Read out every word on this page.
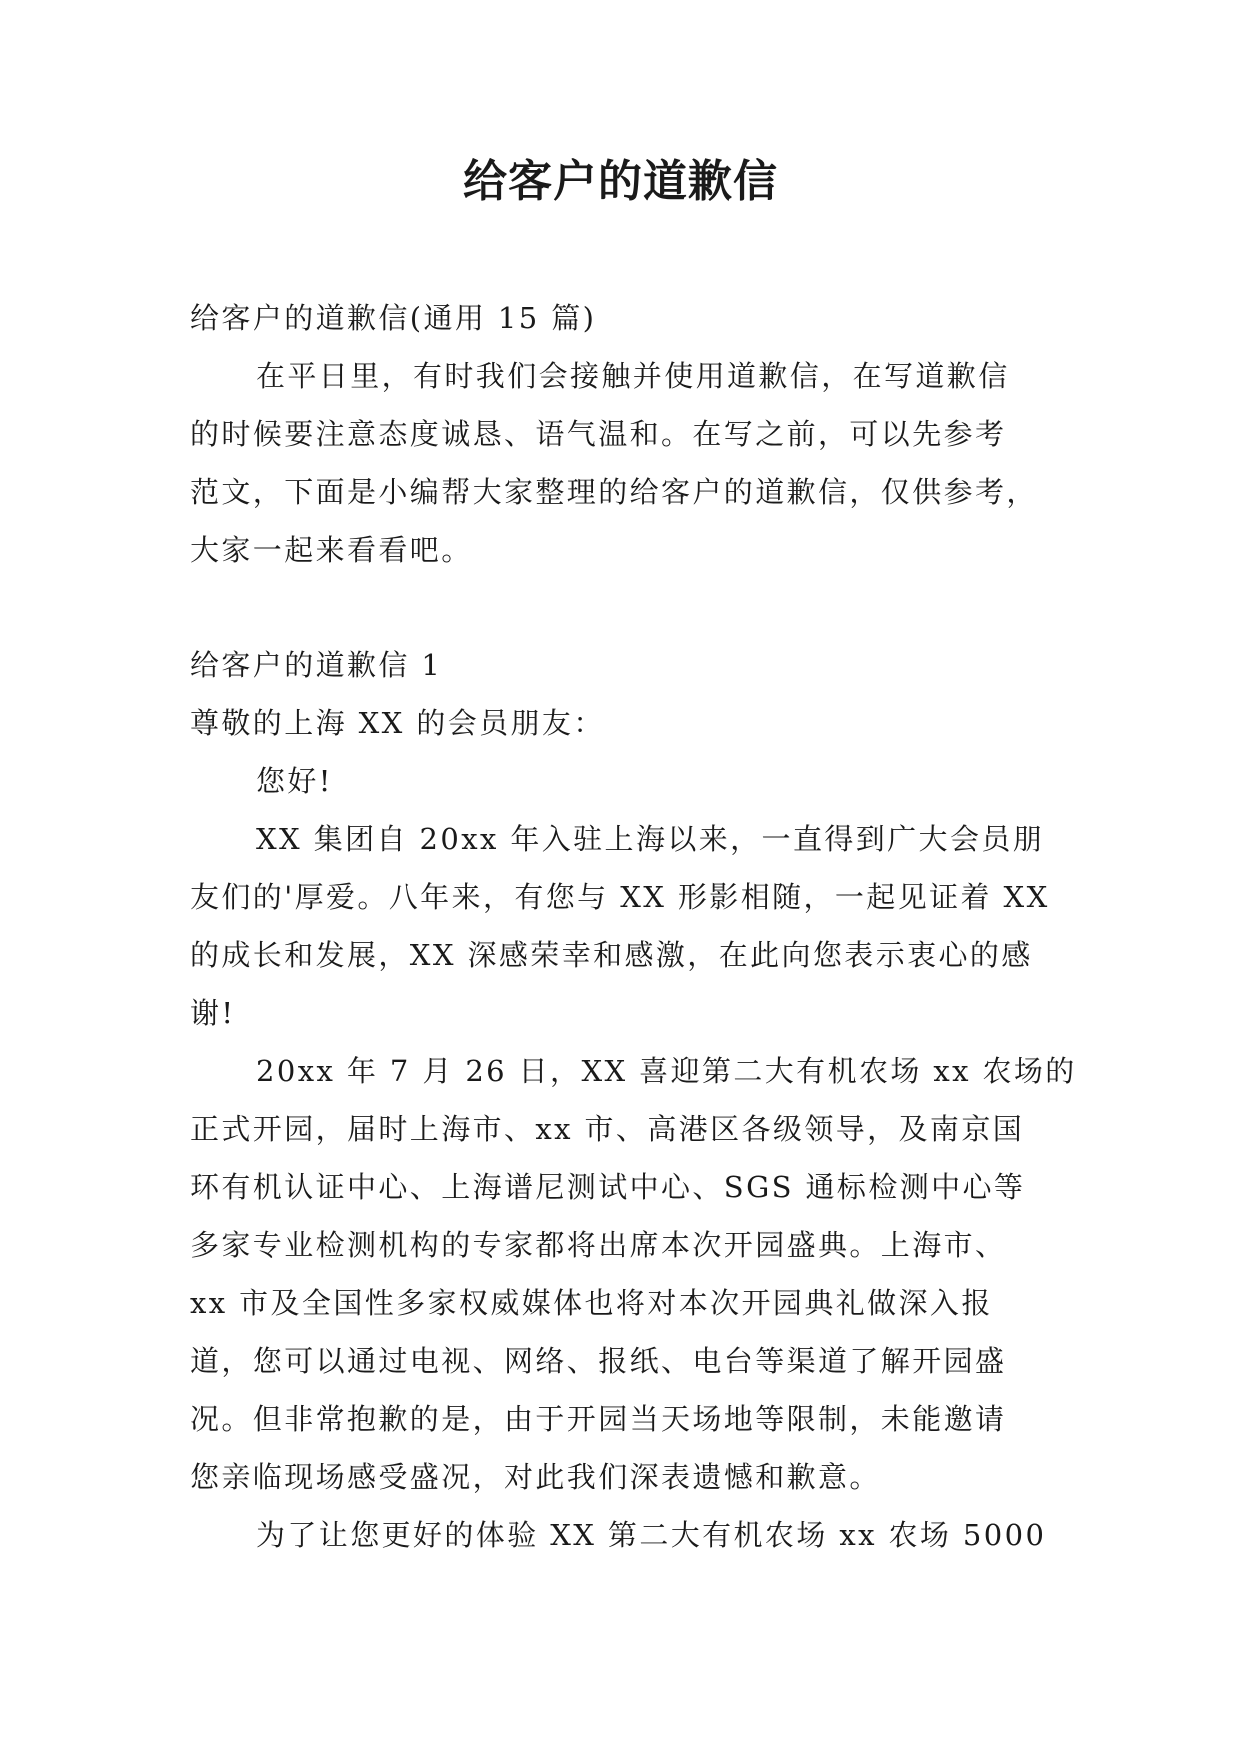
给客户的道歉信

给客户的道歉信(通用 15 篇)

在平日里，有时我们会接触并使用道歉信，在写道歉信

的时候要注意态度诚恳、语气温和。在写之前，可以先参考

范文，下面是小编帮大家整理的给客户的道歉信，仅供参考，

大家一起来看看吧。

给客户的道歉信 1

尊敬的上海 XX 的会员朋友：

您好!

XX 集团自 20xx 年入驻上海以来，一直得到广大会员朋

友们的'厚爱。八年来，有您与 XX 形影相随，一起见证着 XX

的成长和发展，XX 深感荣幸和感激，在此向您表示衷心的感

谢!

20xx 年 7 月 26 日，XX 喜迎第二大有机农场 xx 农场的

正式开园，届时上海市、xx 市、高港区各级领导，及南京国

环有机认证中心、上海谱尼测试中心、SGS 通标检测中心等

多家专业检测机构的专家都将出席本次开园盛典。上海市、

xx 市及全国性多家权威媒体也将对本次开园典礼做深入报

道，您可以通过电视、网络、报纸、电台等渠道了解开园盛

况。但非常抱歉的是，由于开园当天场地等限制，未能邀请

您亲临现场感受盛况，对此我们深表遗憾和歉意。

为了让您更好的体验 XX 第二大有机农场 xx 农场 5000
